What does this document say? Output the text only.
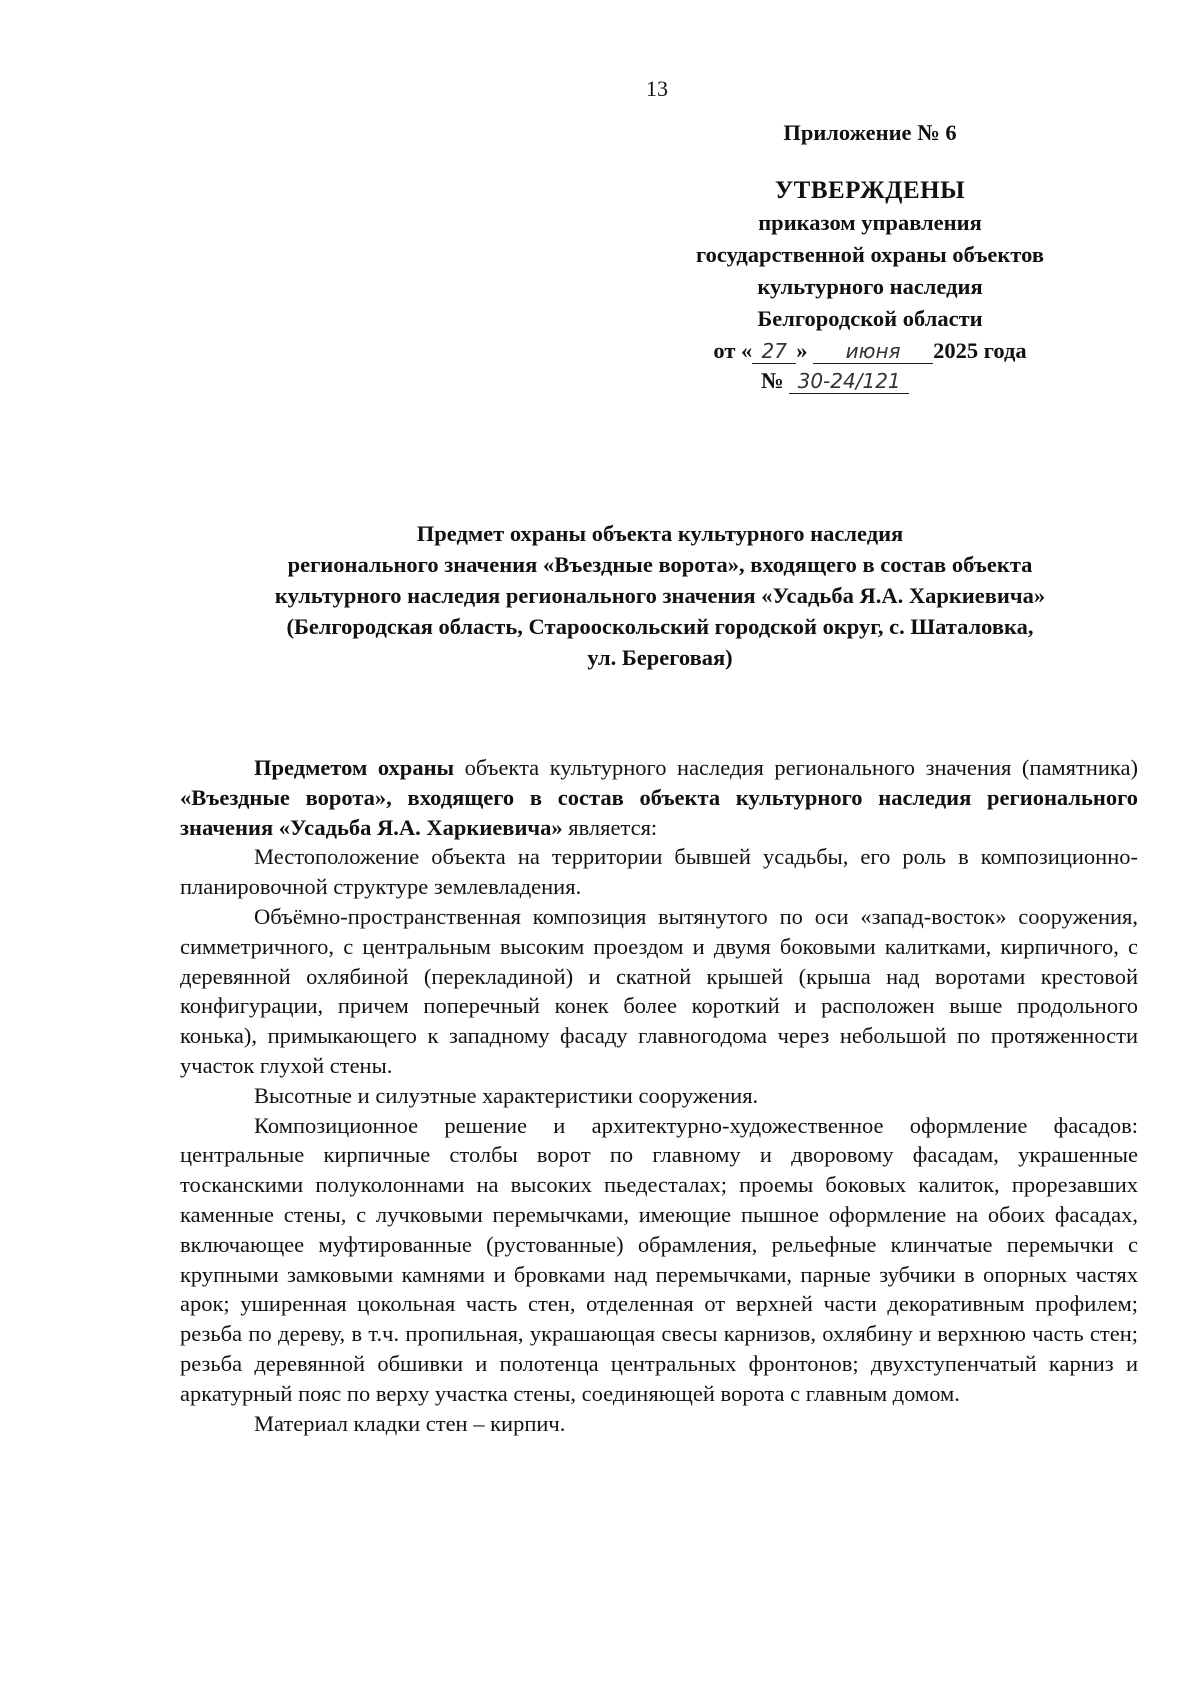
13
Приложение № 6
УТВЕРЖДЕНЫ
приказом управления
государственной охраны объектов
культурного наследия
Белгородской области
от « 27 » июня 2025 года
№ 30-24/121
Предмет охраны объекта культурного наследия
регионального значения «Въездные ворота», входящего в состав объекта
культурного наследия регионального значения «Усадьба Я.А. Харкиевича»
(Белгородская область, Старооскольский городской округ, с. Шаталовка,
ул. Береговая)

Предметом охраны объекта культурного наследия регионального значения (памятника) «Въездные ворота», входящего в состав объекта культурного наследия регионального значения «Усадьба Я.А. Харкиевича» является:

Местоположение объекта на территории бывшей усадьбы, его роль в композиционно-планировочной структуре землевладения.

Объёмно-пространственная композиция вытянутого по оси «запад-восток» сооружения, симметричного, с центральным высоким проездом и двумя боковыми калитками, кирпичного, с деревянной охлябиной (перекладиной) и скатной крышей (крыша над воротами крестовой конфигурации, причем поперечный конек более короткий и расположен выше продольного конька), примыкающего к западному фасаду главногодома через небольшой по протяженности участок глухой стены.

Высотные и силуэтные характеристики сооружения.

Композиционное решение и архитектурно-художественное оформление фасадов: центральные кирпичные столбы ворот по главному и дворовому фасадам, украшенные тосканскими полуколоннами на высоких пьедесталах; проемы боковых калиток, прорезавших каменные стены, с лучковыми перемычками, имеющие пышное оформление на обоих фасадах, включающее муфтированные (рустованные) обрамления, рельефные клинчатые перемычки с крупными замковыми камнями и бровками над перемычками, парные зубчики в опорных частях арок; уширенная цокольная часть стен, отделенная от верхней части декоративным профилем; резьба по дереву, в т.ч. пропильная, украшающая свесы карнизов, охлябину и верхнюю часть стен; резьба деревянной обшивки и полотенца центральных фронтонов; двухступенчатый карниз и аркатурный пояс по верху участка стены, соединяющей ворота с главным домом.

Материал кладки стен – кирпич.
